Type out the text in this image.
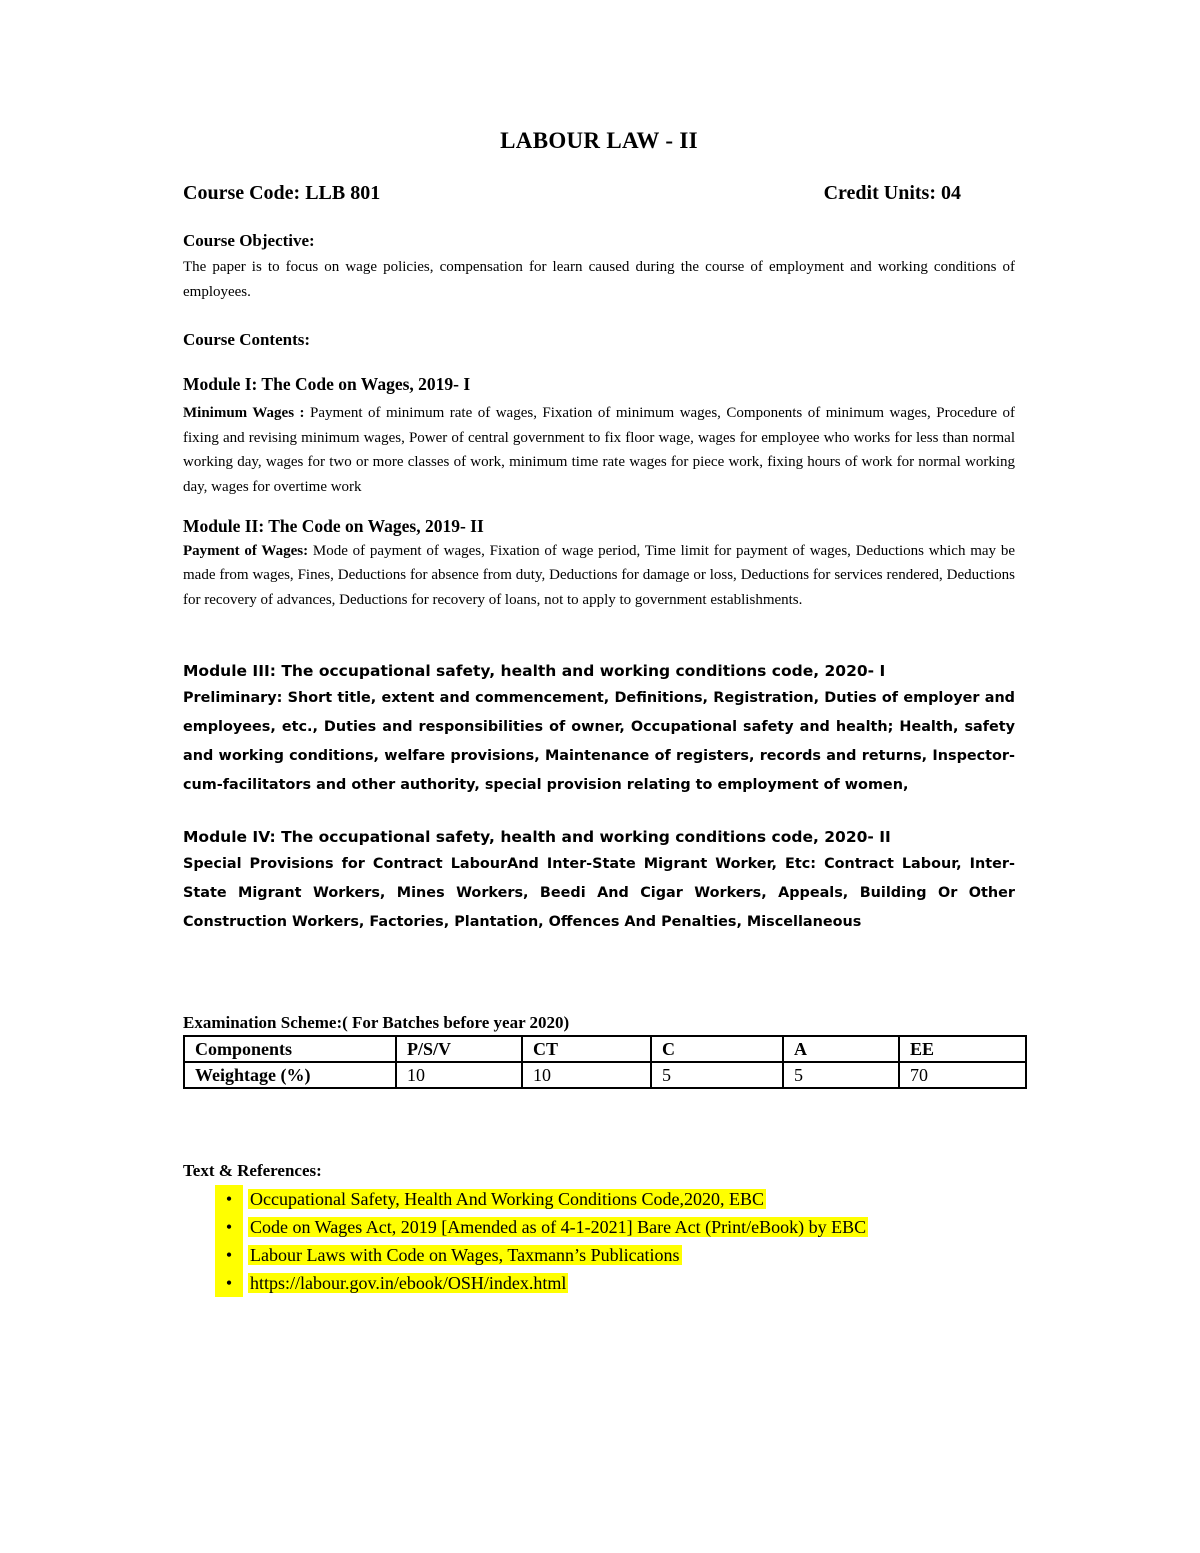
LABOUR LAW - II
Course Code: LLB 801	Credit Units: 04
Course Objective:

The paper is to focus on wage policies, compensation for learn caused during the course of employment and working conditions of employees.

Course Contents:
Module I: The Code on Wages, 2019- I

Minimum Wages : Payment of minimum rate of wages, Fixation of minimum wages, Components of minimum wages, Procedure of fixing and revising minimum wages, Power of central government to fix floor wage, wages for employee who works for less than normal working day, wages for two or more classes of work, minimum time rate wages for piece work, fixing hours of work for normal working day, wages for overtime work

Module II: The Code on Wages, 2019- II

Payment of Wages: Mode of payment of wages, Fixation of wage period, Time limit for payment of wages, Deductions which may be made from wages, Fines, Deductions for absence from duty, Deductions for damage or loss, Deductions for services rendered, Deductions for recovery of advances, Deductions for recovery of loans, not to apply to government establishments.

Module III: The occupational safety, health and working conditions code, 2020- I

Preliminary: Short title, extent and commencement, Definitions, Registration, Duties of employer and employees, etc., Duties and responsibilities of owner, Occupational safety and health; Health, safety and working conditions, welfare provisions, Maintenance of registers, records and returns, Inspector-cum-facilitators and other authority, special provision relating to employment of women,

Module IV: The occupational safety, health and working conditions code, 2020- II

Special Provisions for Contract LabourAnd Inter-State Migrant Worker, Etc: Contract Labour, Inter-State Migrant Workers, Mines Workers, Beedi And Cigar Workers, Appeals, Building Or Other Construction Workers, Factories, Plantation, Offences And Penalties, Miscellaneous

Examination Scheme:( For Batches before year 2020)
Components	P/S/V	CT	C	A	EE
Weightage (%)	10	10	5	5	70
Text & References:
• Occupational Safety, Health And Working Conditions Code,2020, EBC
• Code on Wages Act, 2019 [Amended as of 4-1-2021] Bare Act (Print/eBook) by EBC
• Labour Laws with Code on Wages, Taxmann’s Publications
• https://labour.gov.in/ebook/OSH/index.html
